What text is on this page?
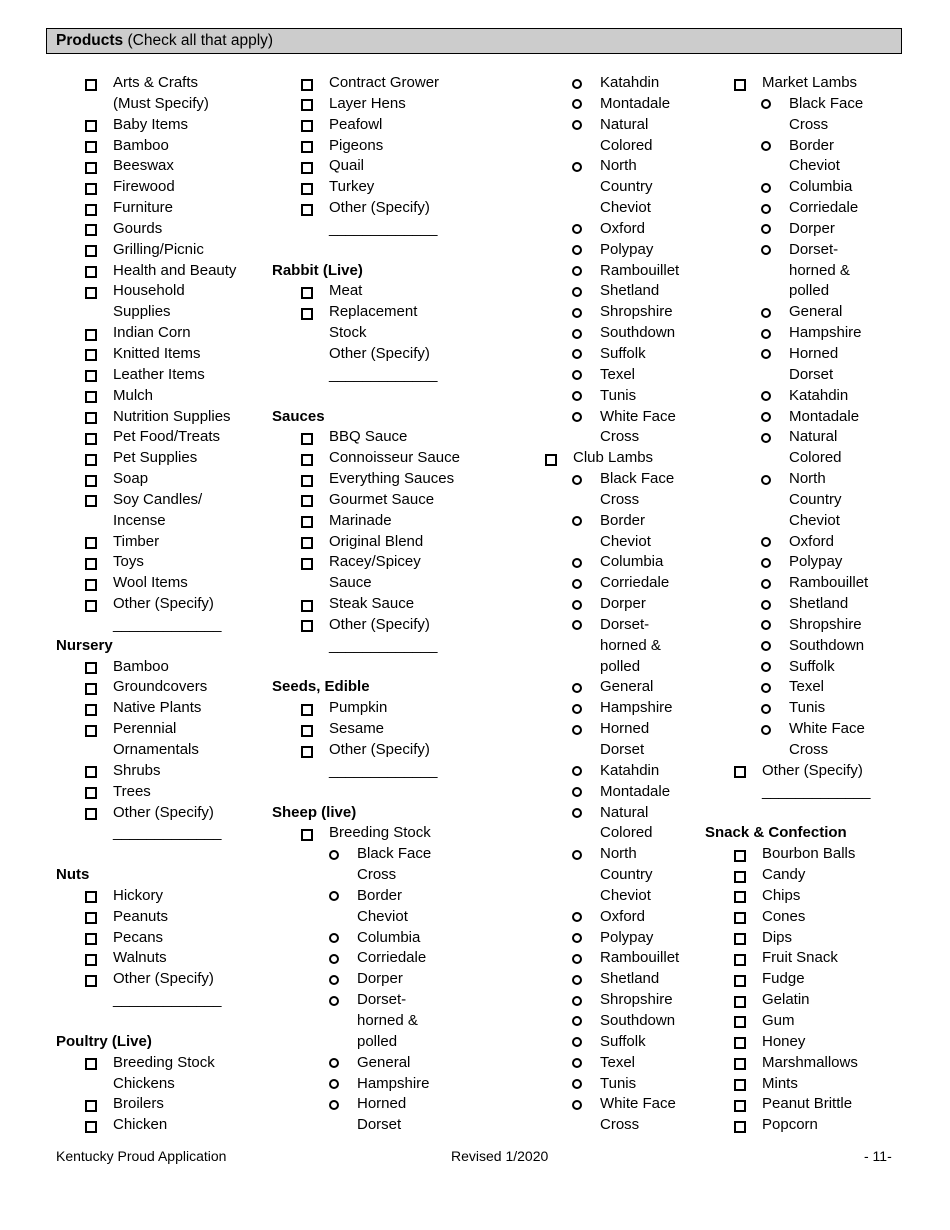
Products (Check all that apply)
Arts & Crafts
(Must Specify)
Baby Items
Bamboo
Beeswax
Firewood
Furniture
Gourds
Grilling/Picnic
Health and Beauty
Household
Supplies
Indian Corn
Knitted Items
Leather Items
Mulch
Nutrition Supplies
Pet Food/Treats
Pet Supplies
Soap
Soy Candles/
Incense
Timber
Toys
Wool Items
Other (Specify)
_____________
Nursery
Bamboo
Groundcovers
Native Plants
Perennial
Ornamentals
Shrubs
Trees
Other (Specify)
_____________
Nuts
Hickory
Peanuts
Pecans
Walnuts
Other (Specify)
_____________
Poultry (Live)
Breeding Stock
Chickens
Broilers
Chicken
Contract Grower
Layer Hens
Peafowl
Pigeons
Quail
Turkey
Other (Specify)
_____________
Rabbit (Live)
Meat
Replacement
Stock
Other (Specify)
_____________
Sauces
BBQ Sauce
Connoisseur Sauce
Everything Sauces
Gourmet Sauce
Marinade
Original Blend
Racey/Spicey
Sauce
Steak Sauce
Other (Specify)
_____________
Seeds, Edible
Pumpkin
Sesame
Other (Specify)
_____________
Sheep (live)
Breeding Stock
Black Face
Cross
Border
Cheviot
Columbia
Corriedale
Dorper
Dorset-
horned &
polled
General
Hampshire
Horned
Dorset
Katahdin
Montadale
Natural
Colored
North
Country
Cheviot
Oxford
Polypay
Rambouillet
Shetland
Shropshire
Southdown
Suffolk
Texel
Tunis
White Face
Cross
Club Lambs
Black Face
Cross
Border
Cheviot
Columbia
Corriedale
Dorper
Dorset-
horned &
polled
General
Hampshire
Horned
Dorset
Katahdin
Montadale
Natural
Colored
North
Country
Cheviot
Oxford
Polypay
Rambouillet
Shetland
Shropshire
Southdown
Suffolk
Texel
Tunis
White Face
Cross
Market Lambs
Black Face
Cross
Border
Cheviot
Columbia
Corriedale
Dorper
Dorset-
horned &
polled
General
Hampshire
Horned
Dorset
Katahdin
Montadale
Natural
Colored
North
Country
Cheviot
Oxford
Polypay
Rambouillet
Shetland
Shropshire
Southdown
Suffolk
Texel
Tunis
White Face
Cross
Other (Specify)
_____________
Snack & Confection
Bourbon Balls
Candy
Chips
Cones
Dips
Fruit Snack
Fudge
Gelatin
Gum
Honey
Marshmallows
Mints
Peanut Brittle
Popcorn
Kentucky Proud Application	Revised 1/2020	- 11-
